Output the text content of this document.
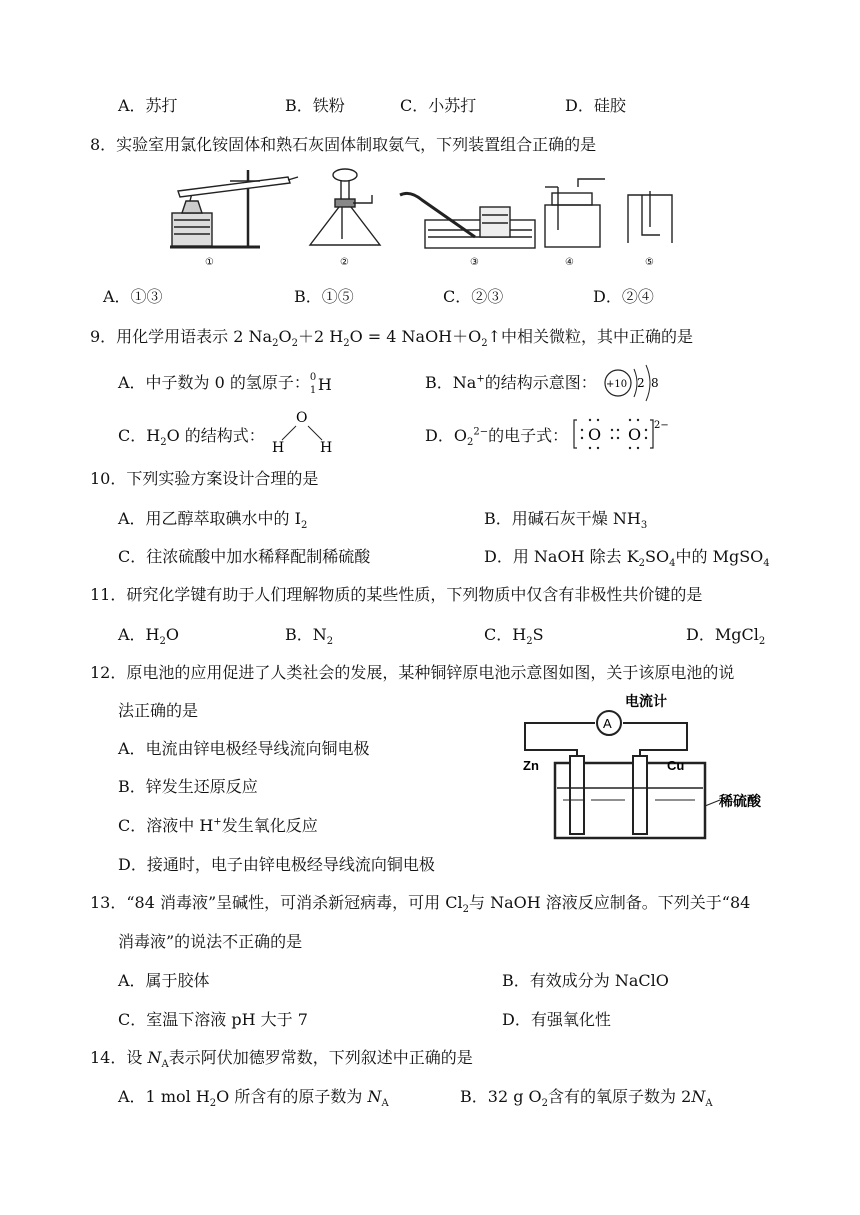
A．苏打	B．铁粉	C．小苏打	D．硅胶
8．实验室用氯化铵固体和熟石灰固体制取氨气，下列装置组合正确的是
①	②	③	④	⑤
A．①③	B．①⑤	C．②③	D．②④
9．用化学用语表示 2 $Na_2O_2+2$ $H_2O = 4$ $NaOH+O_2↑$中相关微粒，其中正确的是
A．中子数为 0 的氢原子： 0
1 H	B．Na+的结构示意图： +10 2 8
C．$H_2O$ 的结构式：
O
H	H
D．$O_2^{2-}$的电子式： O O 2−
10．下列实验方案设计合理的是
A．用乙醇萃取碘水中的 $I_2$	B．用碱石灰干燥 $NH_3$
C．往浓硫酸中加水稀释配制稀硫酸	D．用 NaOH 除去 $K_2SO_4$中的 MgSO$_4$
11．研究化学键有助于人们理解物质的某些性质，下列物质中仅含有非极性共价键的是
A．$H_2O$	B．$N_2$	C．$H_2S$	D．MgCl$_2$
12．原电池的应用促进了人类社会的发展，某种铜锌原电池示意图如图，关于该原电池的说
法正确的是
A．电流由锌电极经导线流向铜电极
B．锌发生还原反应
C．溶液中 H+发生氧化反应
D．接通时，电子由锌电极经导线流向铜电极
A
电流计
Zn	Cu
稀硫酸
13．“84 消毒液”呈碱性，可消杀新冠病毒，可用 $Cl_2$与 NaOH 溶液反应制备。下列关于“84
消毒液”的说法不正确的是
A．属于胶体	B．有效成分为 NaClO
C．室温下溶液 pH 大于 7	D．有强氧化性
14．设 $N_A$表示阿伏加德罗常数，下列叙述中正确的是
A．1 mol $H_2O$ 所含有的原子数为 $N_A$	B．32 g $O_2$含有的氧原子数为 $2N_A$
